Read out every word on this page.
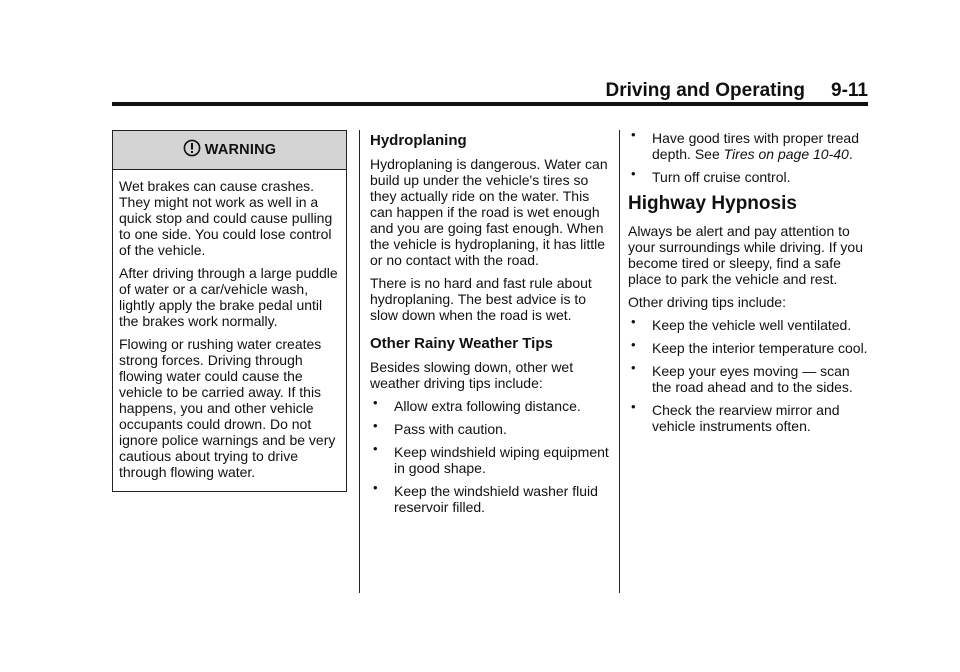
Driving and Operating 9-11
WARNING

Wet brakes can cause crashes. They might not work as well in a quick stop and could cause pulling to one side. You could lose control of the vehicle.

After driving through a large puddle of water or a car/vehicle wash, lightly apply the brake pedal until the brakes work normally.

Flowing or rushing water creates strong forces. Driving through flowing water could cause the vehicle to be carried away. If this happens, you and other vehicle occupants could drown. Do not ignore police warnings and be very cautious about trying to drive through flowing water.

Hydroplaning

Hydroplaning is dangerous. Water can build up under the vehicle's tires so they actually ride on the water. This can happen if the road is wet enough and you are going fast enough. When the vehicle is hydroplaning, it has little or no contact with the road.

There is no hard and fast rule about hydroplaning. The best advice is to slow down when the road is wet.

Other Rainy Weather Tips

Besides slowing down, other wet weather driving tips include:

• Allow extra following distance.
• Pass with caution.
• Keep windshield wiping equipment in good shape.
• Keep the windshield washer fluid reservoir filled.
• Have good tires with proper tread depth. See Tires on page 10-40.
• Turn off cruise control.
Highway Hypnosis

Always be alert and pay attention to your surroundings while driving. If you become tired or sleepy, find a safe place to park the vehicle and rest.

Other driving tips include:

• Keep the vehicle well ventilated.
• Keep the interior temperature cool.
• Keep your eyes moving — scan the road ahead and to the sides.
• Check the rearview mirror and vehicle instruments often.
